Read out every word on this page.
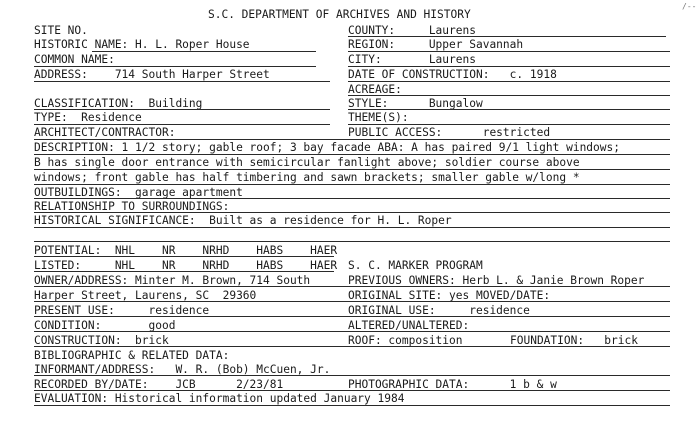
/--
S.C. DEPARTMENT OF ARCHIVES AND HISTORY
SITE NO.
HISTORIC NAME: H. L. Roper House
COMMON NAME:
ADDRESS:    714 South Harper Street
COUNTY:     Laurens
REGION:     Upper Savannah
CITY:       Laurens
DATE OF CONSTRUCTION:   c. 1918
ACREAGE:
CLASSIFICATION:  Building
TYPE:  Residence
ARCHITECT/CONTRACTOR:
STYLE:      Bungalow
THEME(S):
PUBLIC ACCESS:      restricted
DESCRIPTION: 1 1/2 story; gable roof; 3 bay facade ABA: A has paired 9/1 light windows;
B has single door entrance with semicircular fanlight above; soldier course above
windows; front gable has half timbering and sawn brackets; smaller gable w/long *
OUTBUILDINGS:  garage apartment
RELATIONSHIP TO SURROUNDINGS:
HISTORICAL SIGNIFICANCE:  Built as a residence for H. L. Roper
POTENTIAL:  NHL    NR    NRHD    HABS    HAER
LISTED:     NHL    NR    NRHD    HABS    HAER S. C. MARKER PROGRAM
OWNER/ADDRESS: Minter M. Brown, 714 South	PREVIOUS OWNERS: Herb L. & Janie Brown Roper
Harper Street, Laurens, SC  29360	ORIGINAL SITE: yes MOVED/DATE:
PRESENT USE:     residence	ORIGINAL USE:     residence
CONDITION:       good	ALTERED/UNALTERED:
CONSTRUCTION:  brick	ROOF: composition	FOUNDATION:   brick
BIBLIOGRAPHIC & RELATED DATA:
INFORMANT/ADDRESS:   W. R. (Bob) McCuen, Jr.
RECORDED BY/DATE:    JCB      2/23/81	PHOTOGRAPHIC DATA:      1 b & w
EVALUATION: Historical information updated January 1984
